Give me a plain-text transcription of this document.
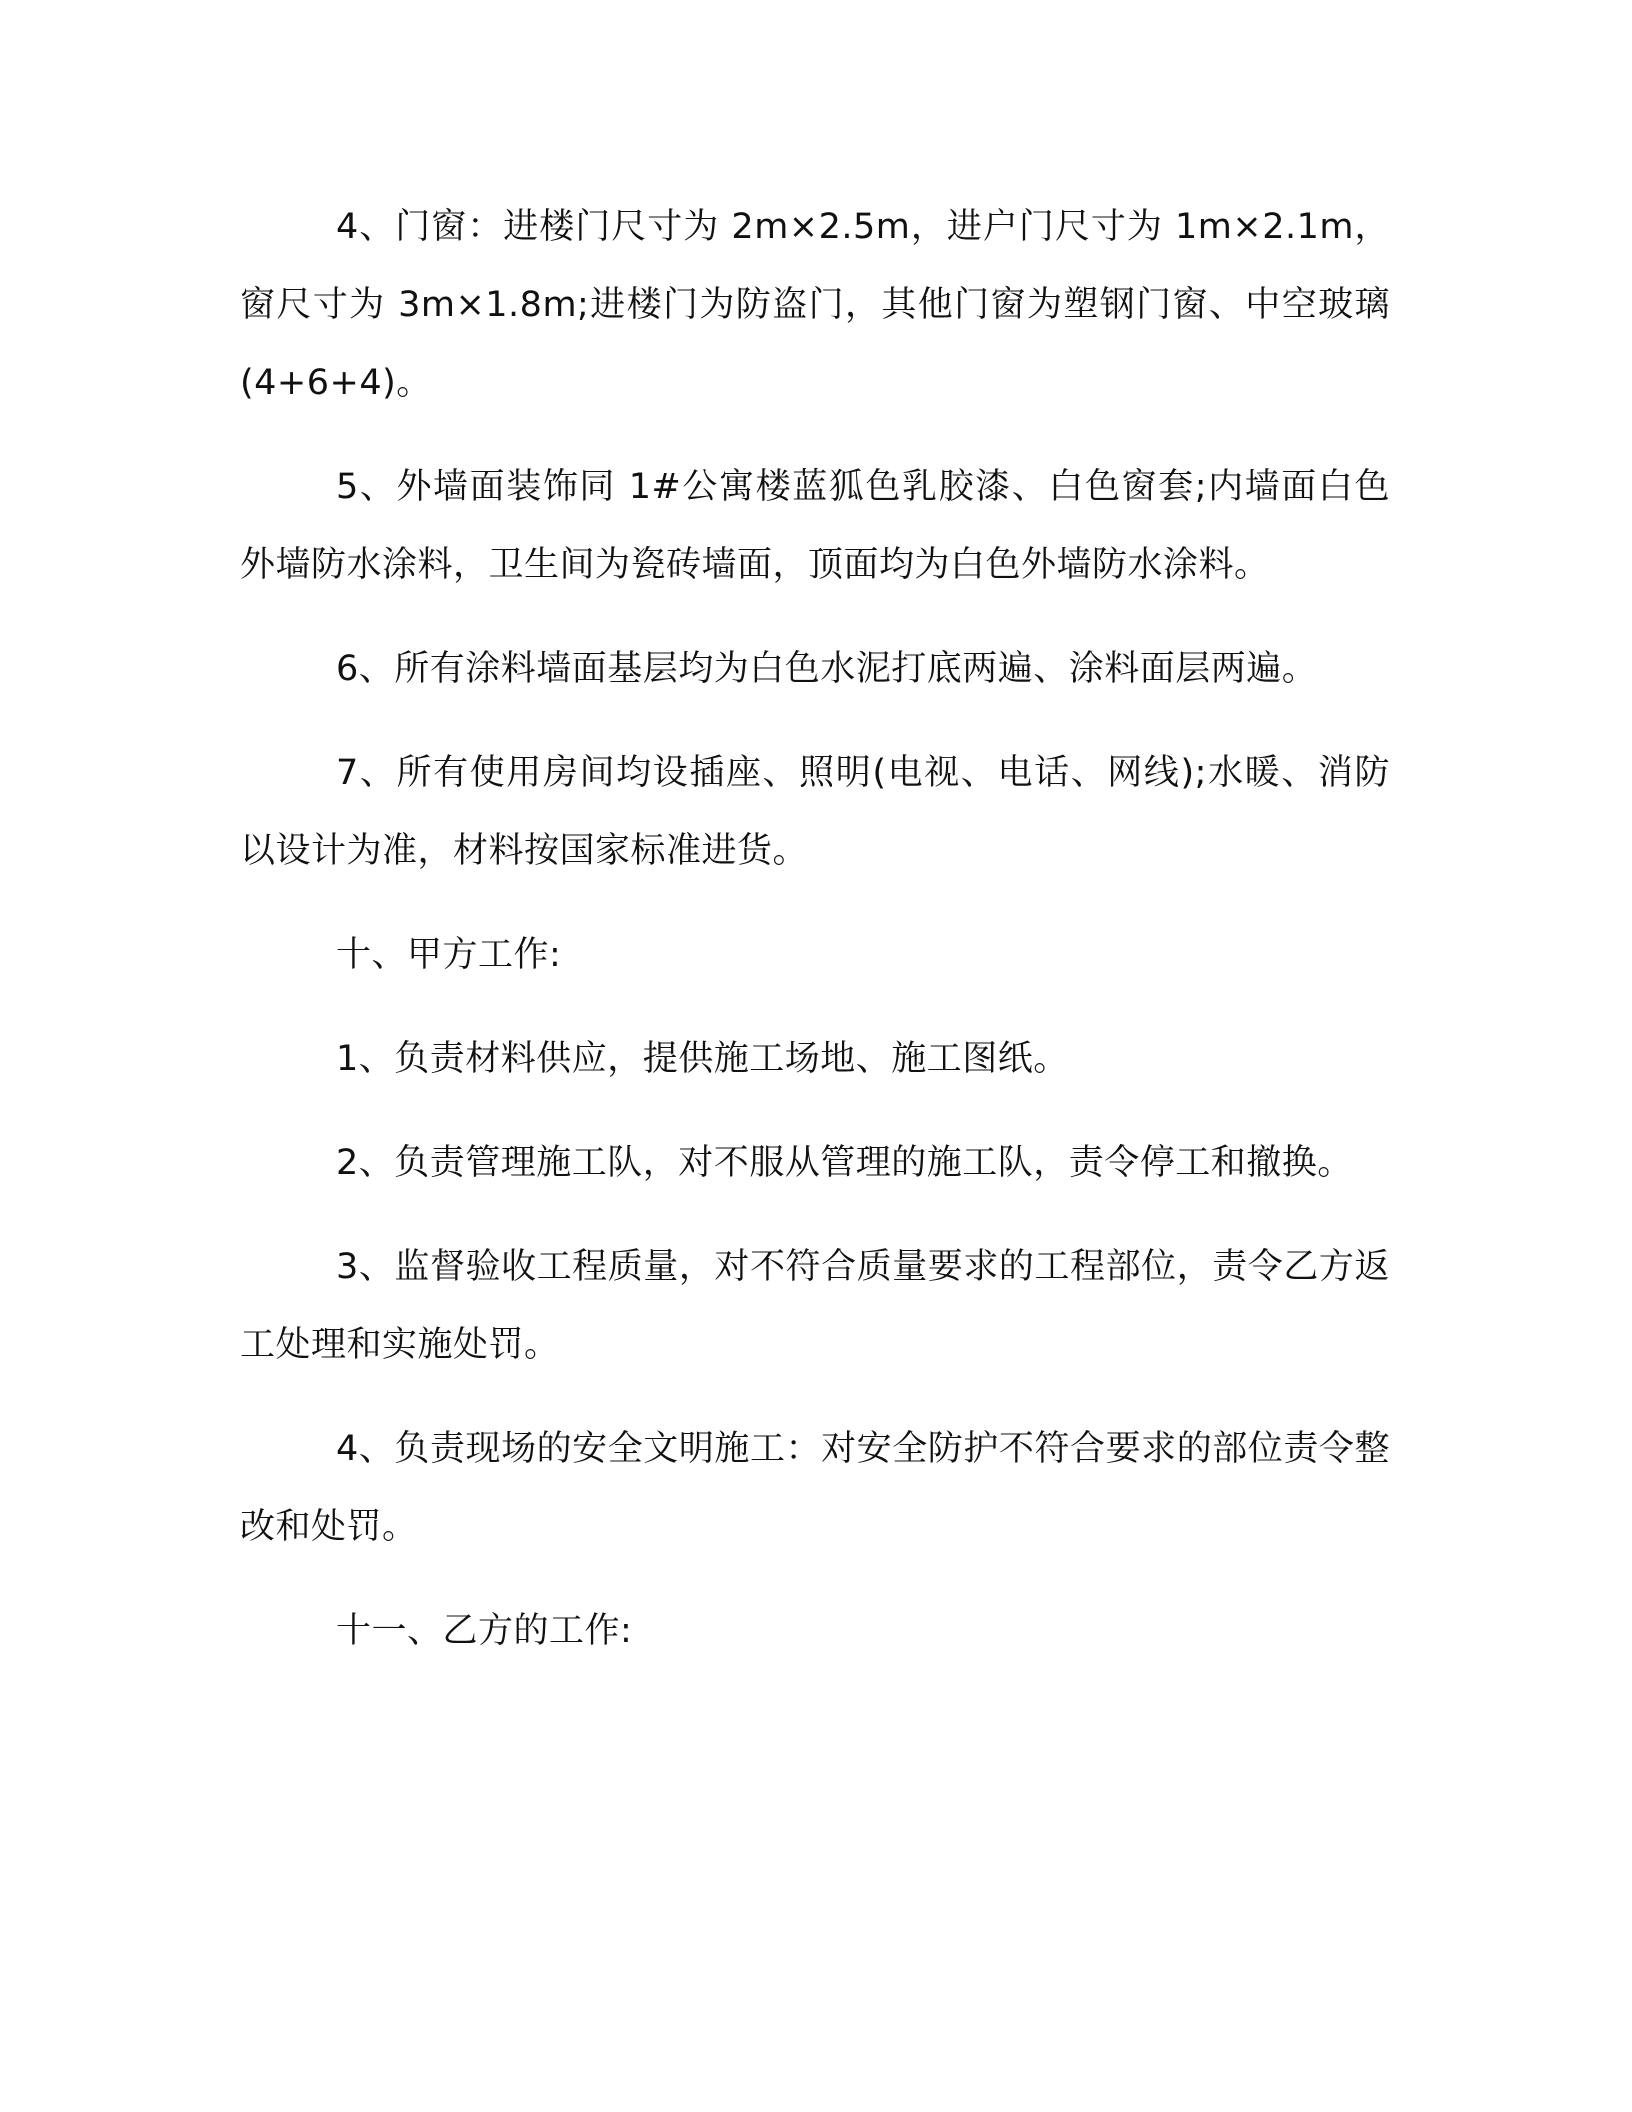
4、门窗：进楼门尺寸为 2m×2.5m，进户门尺寸为 1m×2.1m，窗尺寸为 3m×1.8m;进楼门为防盗门，其他门窗为塑钢门窗、中空玻璃(4+6+4)。

5、外墙面装饰同 1#公寓楼蓝狐色乳胶漆、白色窗套;内墙面白色外墙防水涂料，卫生间为瓷砖墙面，顶面均为白色外墙防水涂料。

6、所有涂料墙面基层均为白色水泥打底两遍、涂料面层两遍。

7、所有使用房间均设插座、照明(电视、电话、网线);水暖、消防以设计为准，材料按国家标准进货。

十、甲方工作:

1、负责材料供应，提供施工场地、施工图纸。

2、负责管理施工队，对不服从管理的施工队，责令停工和撤换。

3、监督验收工程质量，对不符合质量要求的工程部位，责令乙方返工处理和实施处罚。

4、负责现场的安全文明施工：对安全防护不符合要求的部位责令整改和处罚。

十一、乙方的工作:
